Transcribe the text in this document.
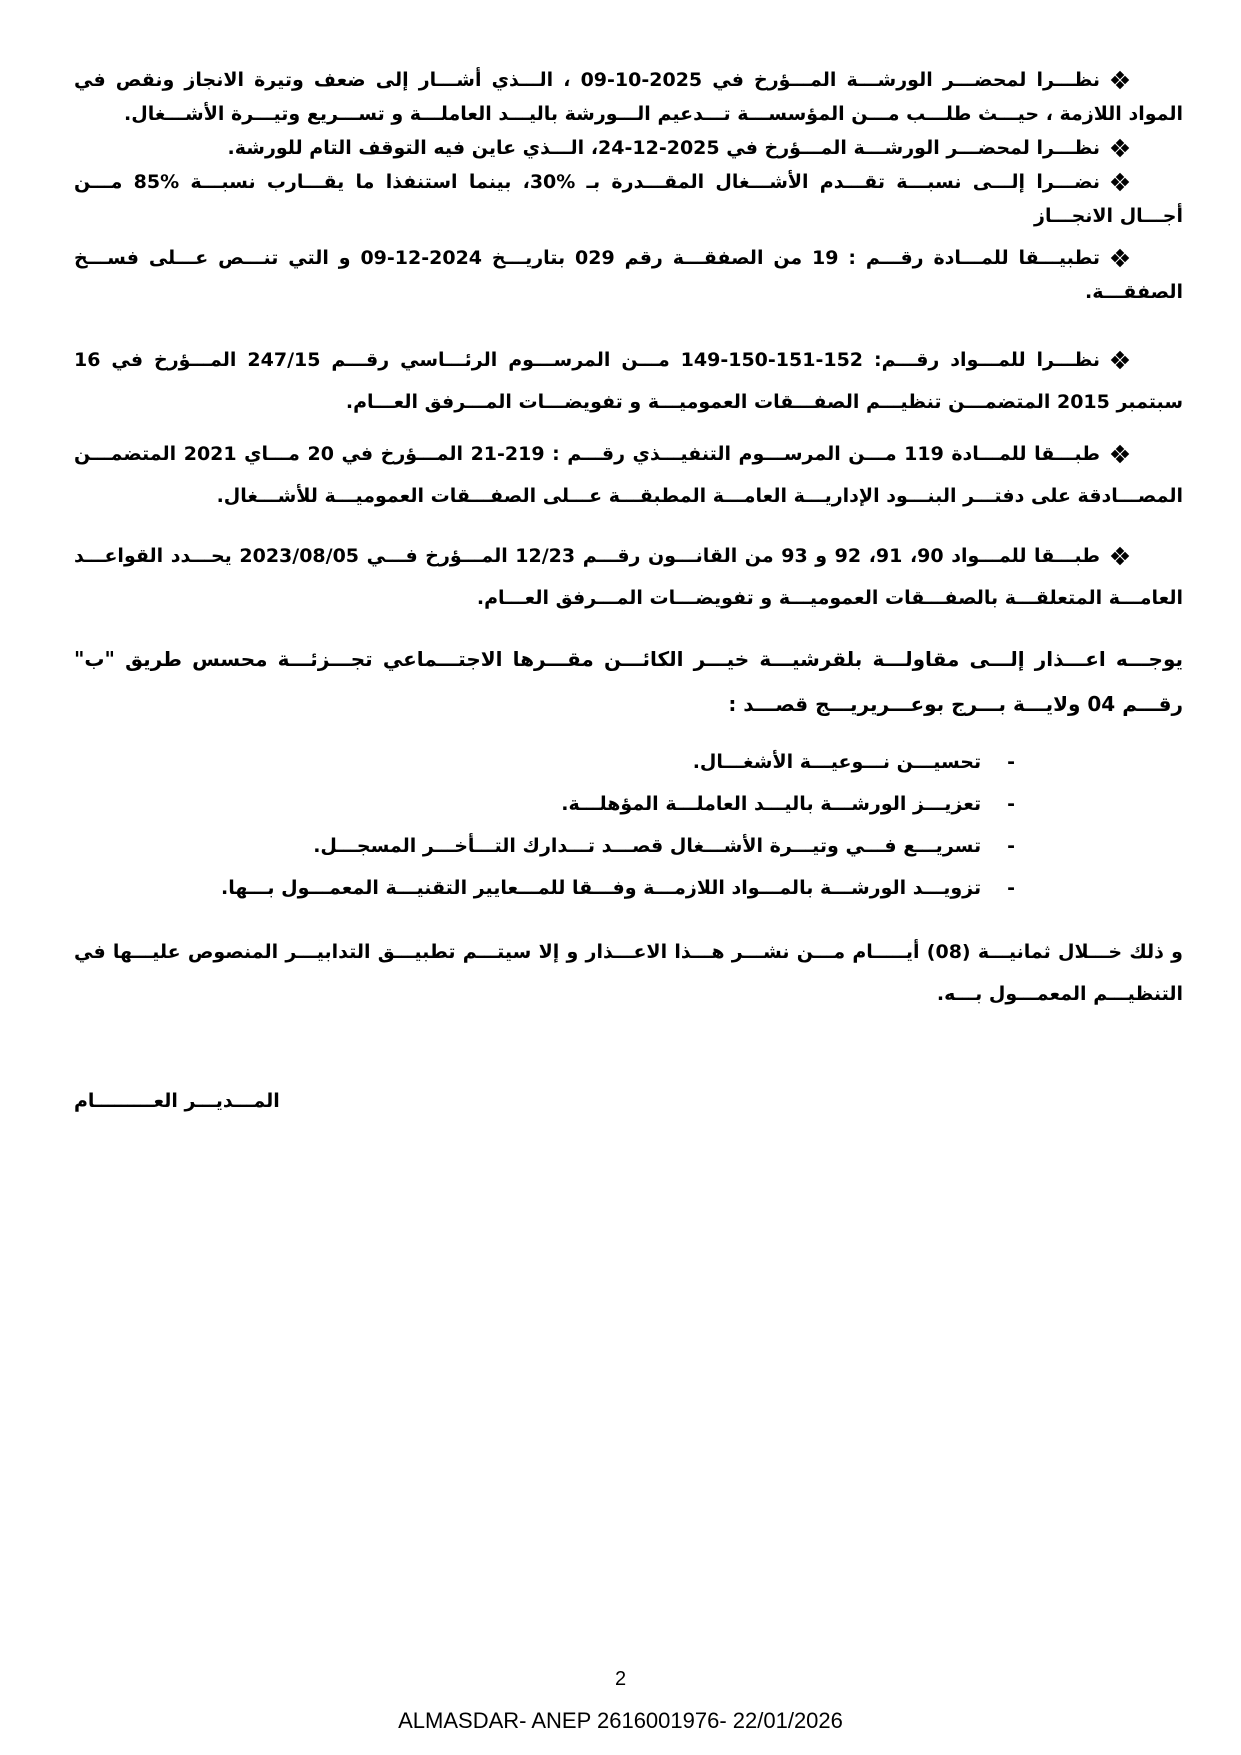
نظـــرا لمحضـــر الورشـــة المـــؤرخ في 2025-10-09 ، الـــذي أشـــار إلى ضعف وتيرة الانجاز ونقص في المواد اللازمة ، حيـــث طلـــب مـــن المؤسســـة تـــدعيم الـــورشة باليـــد العاملـــة و تســـريع وتيـــرة الأشـــغال.
نظـــرا لمحضـــر الورشـــة المـــؤرخ في 2025-12-24، الـــذي عاين فيه التوقف التام للورشة.
نضـــرا إلـــى نسبـــة تقـــدم الأشـــغال المقـــدرة بـ %30، بينما استنفذا ما يقـــارب نسبـــة %85 مـــن أجـــال الانجـــاز
تطبيـــقا للمـــادة رقـــم : 19 من الصفقـــة رقم 029 بتاريـــخ 2024-12-09 و التي تنـــص عـــلى فســـخ الصفقـــة.
نظـــرا للمـــواد رقـــم: 152-151-150-149 مـــن المرســـوم الرئـــاسي رقـــم 247/15 المـــؤرخ في 16 سبتمبر 2015 المتضمـــن تنظيـــم الصفـــقات العموميـــة و تفويضـــات المـــرفق العـــام.
طبـــقا للمـــادة 119 مـــن المرســـوم التنفيـــذي رقـــم : 219-21 المـــؤرخ في 20 مـــاي 2021 المتضمـــن المصـــادقة على دفتـــر البنـــود الإداريـــة العامـــة المطبقـــة عـــلى الصفـــقات العموميـــة للأشـــغال.
طبـــقا للمـــواد 90، 91، 92 و 93 من القانـــون رقـــم 12/23 المـــؤرخ فـــي 2023/08/05 يحـــدد القواعـــد العامـــة المتعلقـــة بالصفـــقات العموميـــة و تفويضـــات المـــرفق العـــام.
يوجـــه اعـــذار إلـــى مقاولـــة بلقرشيـــة خيـــر الكائـــن مقـــرها الاجتـــماعي تجـــزئـــة محسس طريق "ب" رقـــم 04 ولايـــة بـــرج بوعـــريريـــج قصـــد :
-تحسيـــن نـــوعيـــة الأشغـــال.
-تعزيـــز الورشـــة باليـــد العاملـــة المؤهلـــة.
-تسريـــع فـــي وتيـــرة الأشـــغال قصـــد تـــدارك التـــأخـــر المسجـــل.
-تزويـــد الورشـــة بالمـــواد اللازمـــة وفـــقا للمـــعايير التقنيـــة المعمـــول بـــها.
و ذلك خـــلال ثمانيـــة (08) أيـــــام مـــن نشـــر هـــذا الاعـــذار و إلا سيتـــم تطبيـــق التدابيـــر المنصوص عليـــها في التنظيـــم المعمـــول بـــه.
المـــديـــر العـــــــــام
2
ALMASDAR- ANEP 2616001976- 22/01/2026
